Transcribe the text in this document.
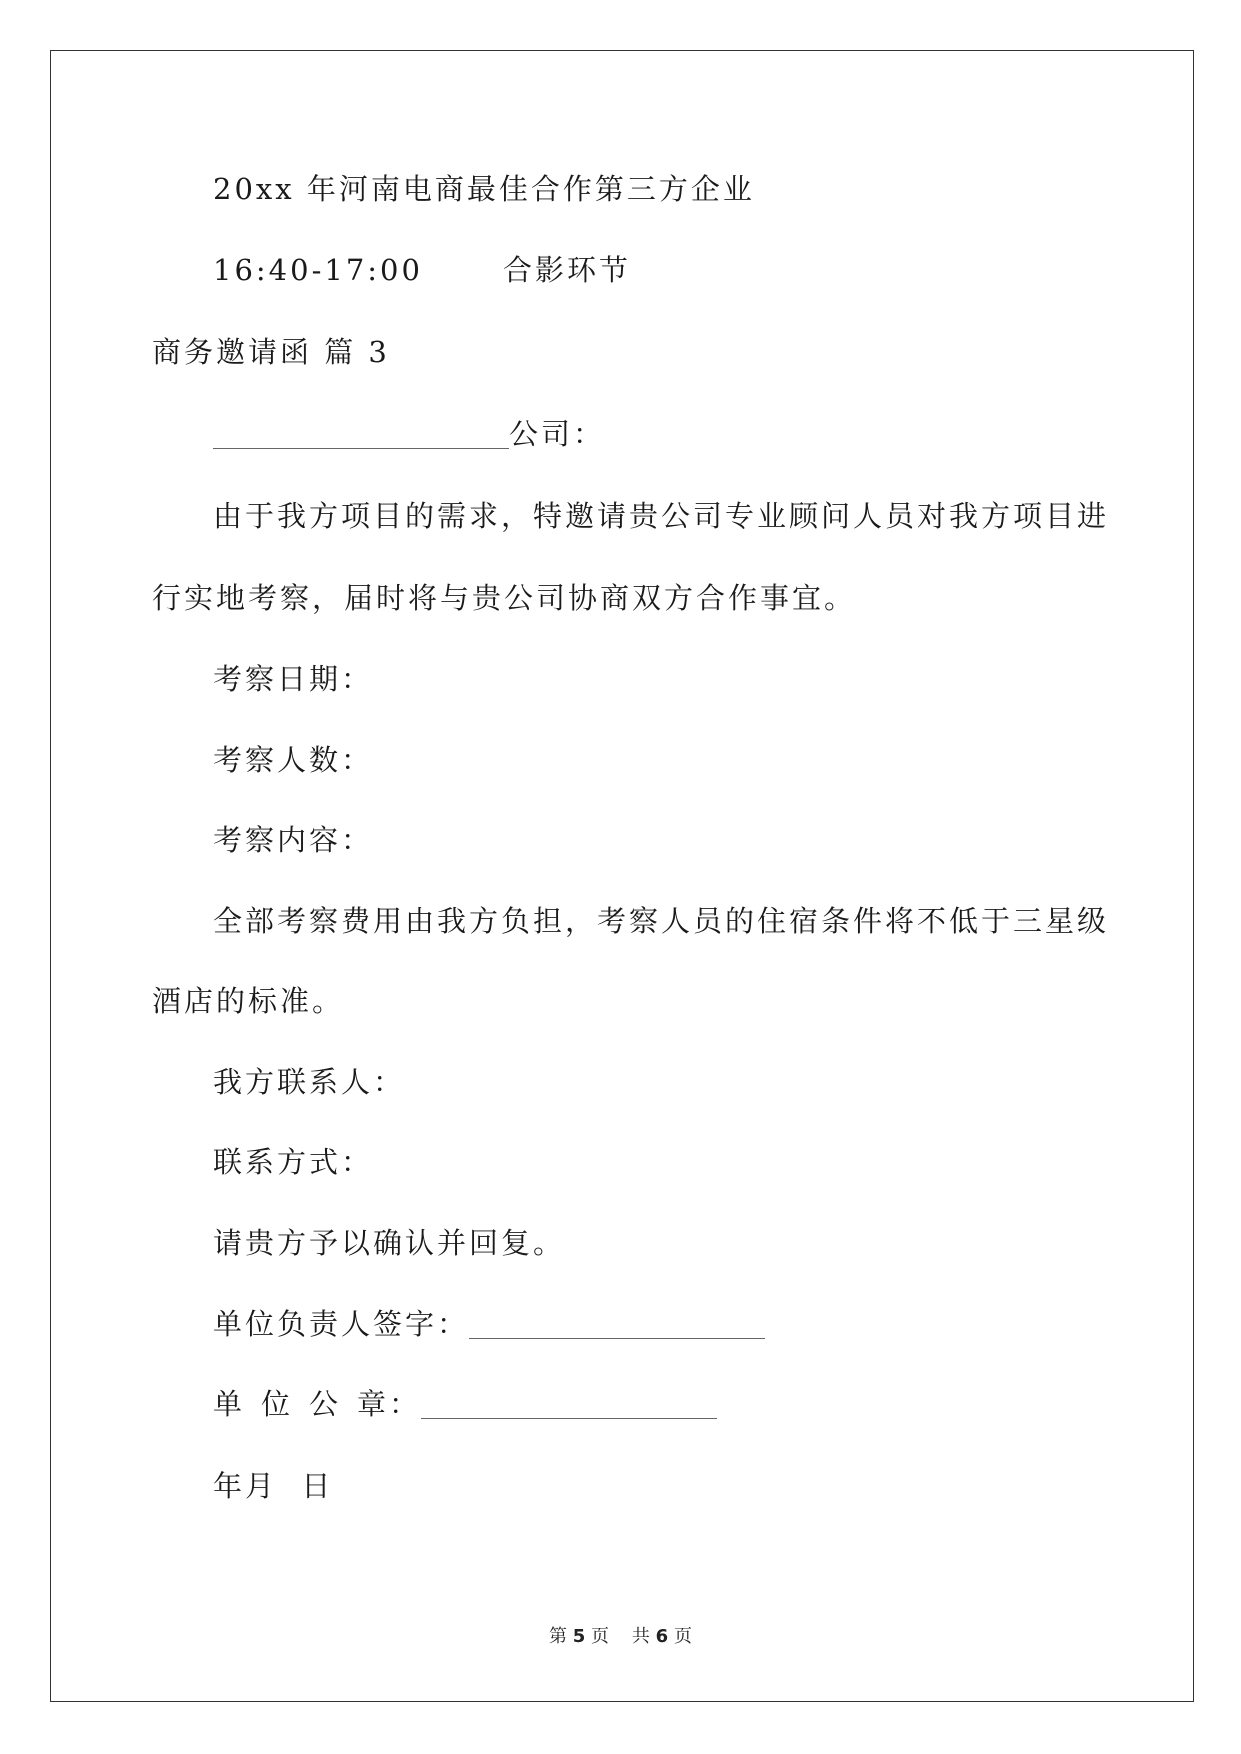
20xx 年河南电商最佳合作第三方企业
16:40-17:00	合影环节
商务邀请函 篇 3
公司：
由于我方项目的需求，特邀请贵公司专业顾问人员对我方项目进
行实地考察，届时将与贵公司协商双方合作事宜。
考察日期：
考察人数：
考察内容：
全部考察费用由我方负担，考察人员的住宿条件将不低于三星级
酒店的标准。
我方联系人：
联系方式：
请贵方予以确认并回复。
单位负责人签字：
单 位 公 章：
年月  日
第 5 页    共 6 页
